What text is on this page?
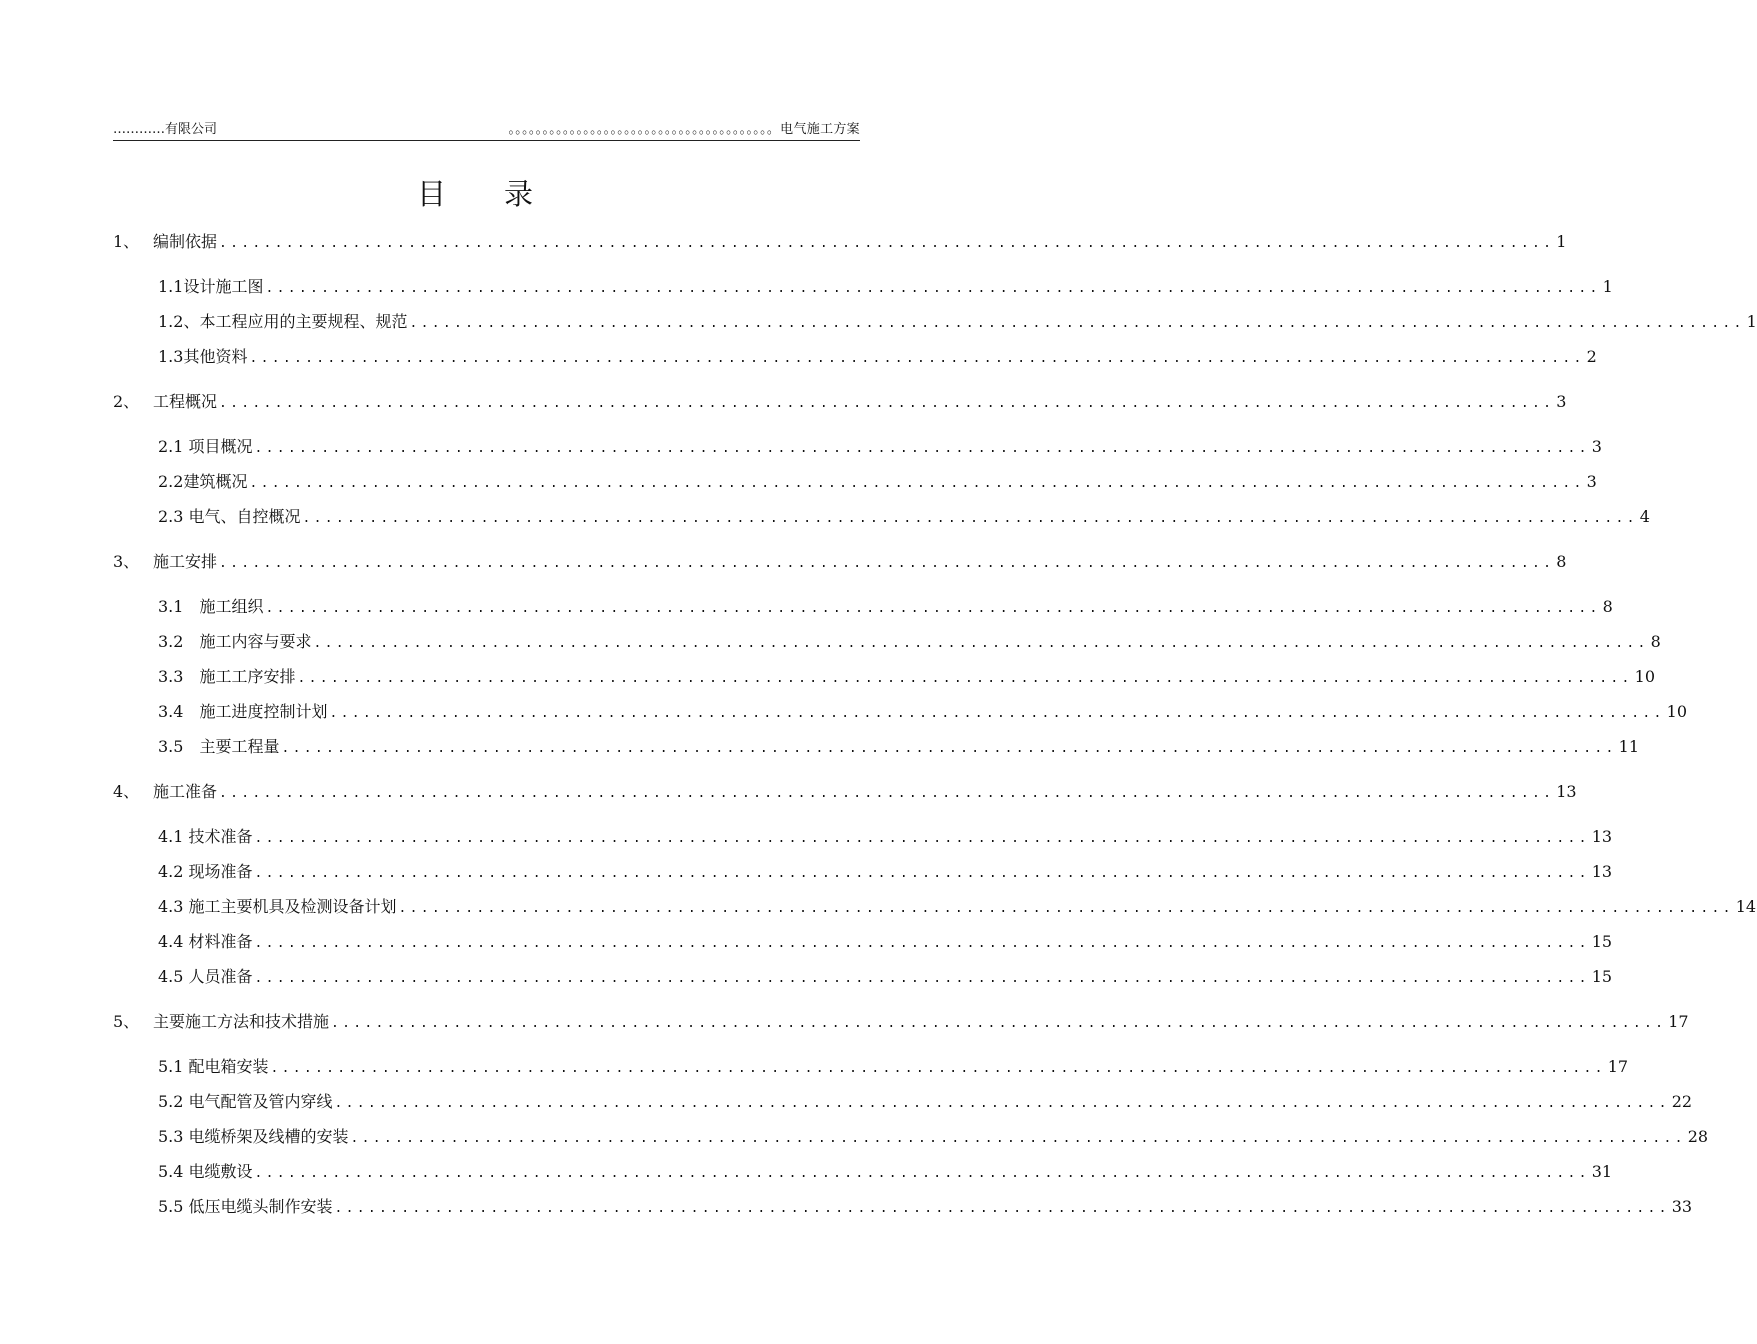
…………有限公司	。。。。。。。。。。。。。。。。。。。。。。。。。。。。。。。。。。。。。。。电气施工方案
目 录
1、 编制依据 ........................................................................................................................ 1
1.1设计施工图 ........................................................................................................................ 1
1.2、本工程应用的主要规程、规范 ........................................................................................................................ 1
1.3其他资料 ........................................................................................................................ 2
2、 工程概况 ........................................................................................................................ 3
2.1 项目概况 ........................................................................................................................ 3
2.2建筑概况 ........................................................................................................................ 3
2.3 电气、自控概况 ........................................................................................................................ 4
3、 施工安排 ........................................................................................................................ 8
3.1　施工组织 ........................................................................................................................ 8
3.2　施工内容与要求 ........................................................................................................................ 8
3.3　施工工序安排 ........................................................................................................................ 10
3.4　施工进度控制计划 ........................................................................................................................ 10
3.5　主要工程量 ........................................................................................................................ 11
4、 施工准备 ........................................................................................................................ 13
4.1 技术准备 ........................................................................................................................ 13
4.2 现场准备 ........................................................................................................................ 13
4.3 施工主要机具及检测设备计划 ........................................................................................................................ 14
4.4 材料准备 ........................................................................................................................ 15
4.5 人员准备 ........................................................................................................................ 15
5、 主要施工方法和技术措施 ........................................................................................................................ 17
5.1 配电箱安装 ........................................................................................................................ 17
5.2 电气配管及管内穿线 ........................................................................................................................ 22
5.3 电缆桥架及线槽的安装 ........................................................................................................................ 28
5.4 电缆敷设 ........................................................................................................................ 31
5.5 低压电缆头制作安装 ........................................................................................................................ 33
